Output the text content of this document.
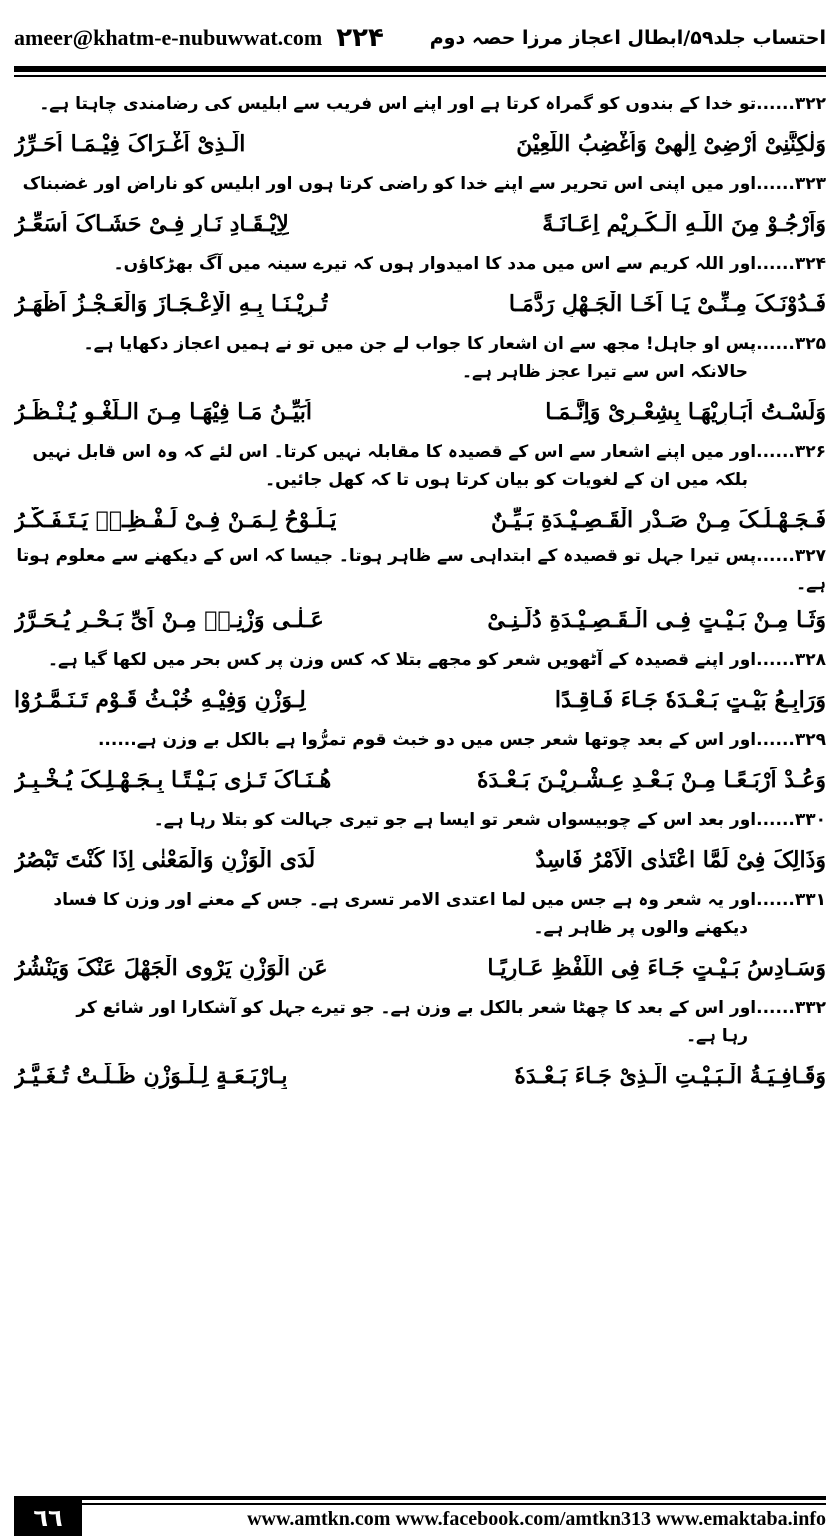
ameer@khatm-e-nubuwwat.com ۲۲۴ احتساب جلد۵۹/ابطال اعجاز مرزا حصہ دوم
۳۲۲......تو خدا کے بندوں کو گمراہ کرتا ہے اور اپنے اس فریب سے ابلیس کی رضامندی چاہتا ہے۔
وَلٰکِنَّنِیْ اُرْضِیْ اِلٰھِیْ وَاُغْضِبُ اللَّعِیْنَ
الَّـذِیْ اَغْـرَاکَ فِیْـمَـا اُحَـرِّرُ
۳۲۳......اور میں اپنی اس تحریر سے اپنے خدا کو راضی کرتا ہوں اور ابلیس کو ناراض اور غضبناک
وَاَرْجُـوْ مِنَ اللّٰـهِ الْـکَـرِیْمِ اِعَـانَـةً
لِاِیْـقَـادِ نَـارٍ فِـیْ حَشَـاکَ اُسَعِّـرُ
۳۲۴......اور اللہ کریم سے اس میں مدد کا امیدوار ہوں کہ تیرے سینہ میں آگ بھڑکاؤں۔
فَـدُوْنَـکَ مِـنِّـیْ یَـا اَخَـا الْجَـهْلِ رَدَّمَـا
تُـرِیْـنَـا بِـهِ الْاِعْـجَـازَ وَالْعَـجْـزُ اَظْهَـرُ
۳۲۵......پس او جاہل! مجھ سے ان اشعار کا جواب لے جن میں تو نے ہمیں اعجاز دکھایا ہے۔
حالانکہ اس سے تیرا عجز ظاہر ہے۔
وَلَسْـتُ اُبَـارِیْهَـا بِشِعْـرِیْ وَاِنَّـمَـا
اُبَیِّـنُ مَـا فِیْهَـا مِـنَ الـلَّغْـوِ یُـنْـظَـرُ
۳۲۶......اور میں اپنے اشعار سے اس کے قصیدہ کا مقابلہ نہیں کرتا۔ اس لئے کہ وہ اس قابل نہیں
بلکہ میں ان کے لغویات کو بیان کرتا ہوں تا کہ کھل جائیں۔
فَـجَـهْـلُـکَ مِـنْ صَـدْرِ الْقَـصِـیْـدَةِ بَـیِّـنٌ
یَـلُـوْحُ لِـمَـنْ فِـیْ لَـفْـظِـهٖ یَـتَـفَـکَّـرُ
۳۲۷......پس تیرا جہل تو قصیدہ کے ابتداہی سے ظاہر ہوتا۔ جیسا کہ اس کے دیکھنے سے معلوم ہوتا ہے۔
وَثَـا مِـنْ بَـیْـتٍ فِـی الْـقَـصِـیْـدَةِ دُلَّـنِـیْ
عَـلٰـی وَزْنِـهٖ مِـنْ اَیِّ بَـحْـرٍ یُـحَـرَّرُ
۳۲۸......اور اپنے قصیدہ کے آٹھویں شعر کو مجھے بتلا کہ کس وزن پر کس بحر میں لکھا گیا ہے۔
وَرَابِـعُ بَیْـتٍ بَـعْـدَهٗ جَـاءَ فَـاقِـدًا
لِـوَزْنٍ وَفِیْـهِ خُبْـثُ قَـوْمٍ تَـنَـمَّـرُوْا
۳۲۹......اور اس کے بعد چوتھا شعر جس میں دو خبث قوم تمرُّوا ہے بالکل بے وزن ہے......
وَعُـدْ اَرْبَـعًـا مِـنْ بَـعْـدِ عِـشْـرِیْـنَ بَـعْـدَهٗ
هُـنَـاکَ تَـرٰی بَـیْـتًـا بِـجَـهْـلِـکَ یُـخْـبِـرُ
۳۳۰......اور بعد اس کے چوبیسواں شعر تو ایسا ہے جو تیری جہالت کو بتلا رہا ہے۔
وَذَالِکَ فِیْ لَمَّا اعْتَدٰی الْاَمْرُ فَاسِدٌ
لَدَی الْوَزْنِ وَالْمَعْنٰی اِذَا کُنْتَ تَبْصُرُ
۳۳۱......اور یہ شعر وہ ہے جس میں لما اعتدی الامر تسری ہے۔ جس کے معنے اور وزن کا فساد
دیکھنے والوں پر ظاہر ہے۔
وَسَـادِسُ بَـیْـتٍ جَـاءَ فِی اللَّفْظِ عَـارِیًـا
عَنِ الْوَزْنِ یَرْوِی الْجَهْلَ عَنْکَ وَیَنْشُرُ
۳۳۲......اور اس کے بعد کا چھٹا شعر بالکل بے وزن ہے۔ جو تیرے جہل کو آشکارا اور شائع کر
رہا ہے۔
وَقَـافِـیَـةُ الْـبَـیْـتِ الَّـذِیْ جَـاءَ بَـعْـدَهٗ
بِـارْبَـعَـةٍ لِـلْـوَزْنِ ظَـلَّـتْ تُـغَـیَّـرُ
٦٦	www.amtkn.com www.facebook.com/amtkn313 www.emaktaba.info
